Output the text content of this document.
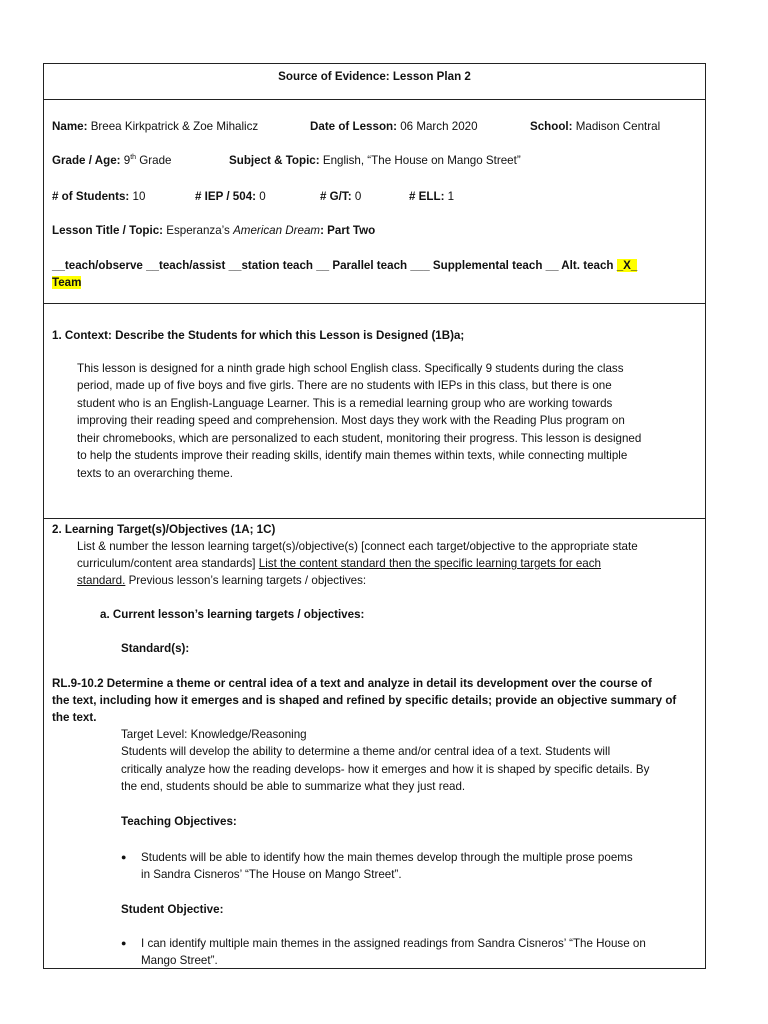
Source of Evidence: Lesson Plan 2
Name: Breea Kirkpatrick & Zoe Mihalicz	Date of Lesson: 06 March 2020	School: Madison Central
Grade / Age: 9th Grade	Subject & Topic: English, “The House on Mango Street”
# of Students: 10	# IEP / 504: 0	# G/T: 0	# ELL: 1
Lesson Title / Topic: Esperanza’s American Dream: Part Two
__teach/observe __teach/assist __station teach __ Parallel teach ___ Supplemental teach __ Alt. teach _X_
Team
1. Context: Describe the Students for which this Lesson is Designed (1B)a;
This lesson is designed for a ninth grade high school English class. Specifically 9 students during the class
period, made up of five boys and five girls. There are no students with IEPs in this class, but there is one
student who is an English-Language Learner. This is a remedial learning group who are working towards
improving their reading speed and comprehension. Most days they work with the Reading Plus program on
their chromebooks, which are personalized to each student, monitoring their progress. This lesson is designed
to help the students improve their reading skills, identify main themes within texts, while connecting multiple
texts to an overarching theme.
2. Learning Target(s)/Objectives (1A; 1C)
List & number the lesson learning target(s)/objective(s) [connect each target/objective to the appropriate state
curriculum/content area standards] List the content standard then the specific learning targets for each
standard. Previous lesson’s learning targets / objectives:
a. Current lesson’s learning targets / objectives:
Standard(s):
RL.9-10.2 Determine a theme or central idea of a text and analyze in detail its development over the course of
the text, including how it emerges and is shaped and refined by specific details; provide an objective summary of
the text.
Target Level: Knowledge/Reasoning
Students will develop the ability to determine a theme and/or central idea of a text. Students will
critically analyze how the reading develops- how it emerges and how it is shaped by specific details. By
the end, students should be able to summarize what they just read.
Teaching Objectives:
● Students will be able to identify how the main themes develop through the multiple prose poems
in Sandra Cisneros’ “The House on Mango Street”.
Student Objective:
● I can identify multiple main themes in the assigned readings from Sandra Cisneros’ “The House on
Mango Street”.
